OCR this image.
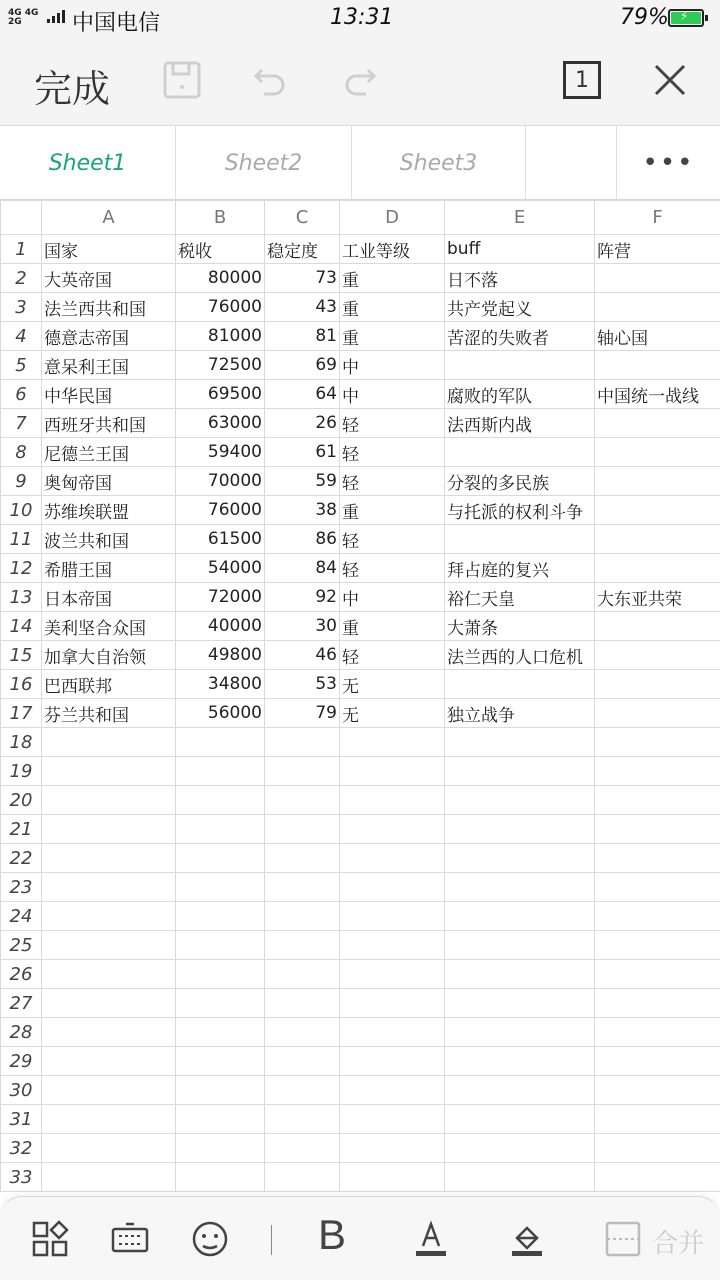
4G 4G
2G	中国电信	13:31	79%
⚡
完成	1
Sheet1	Sheet2	Sheet3	•••
	A	B	C	D	E	F
1	国家	税收	稳定度	工业等级	buff	阵营
2	大英帝国	80000	73	重	日不落	
3	法兰西共和国	76000	43	重	共产党起义	
4	德意志帝国	81000	81	重	苦涩的失败者	轴心国
5	意呆利王国	72500	69	中		
6	中华民国	69500	64	中	腐败的军队	中国统一战线
7	西班牙共和国	63000	26	轻	法西斯内战	
8	尼德兰王国	59400	61	轻		
9	奥匈帝国	70000	59	轻	分裂的多民族	
10	苏维埃联盟	76000	38	重	与托派的权利斗争	
11	波兰共和国	61500	86	轻		
12	希腊王国	54000	84	轻	拜占庭的复兴	
13	日本帝国	72000	92	中	裕仁天皇	大东亚共荣
14	美利坚合众国	40000	30	重	大萧条	
15	加拿大自治领	49800	46	轻	法兰西的人口危机	
16	巴西联邦	34800	53	无		
17	芬兰共和国	56000	79	无	独立战争	
18						
19						
20						
21						
22						
23						
24						
25						
26						
27						
28						
29						
30						
31						
32						
33						
B	合并
